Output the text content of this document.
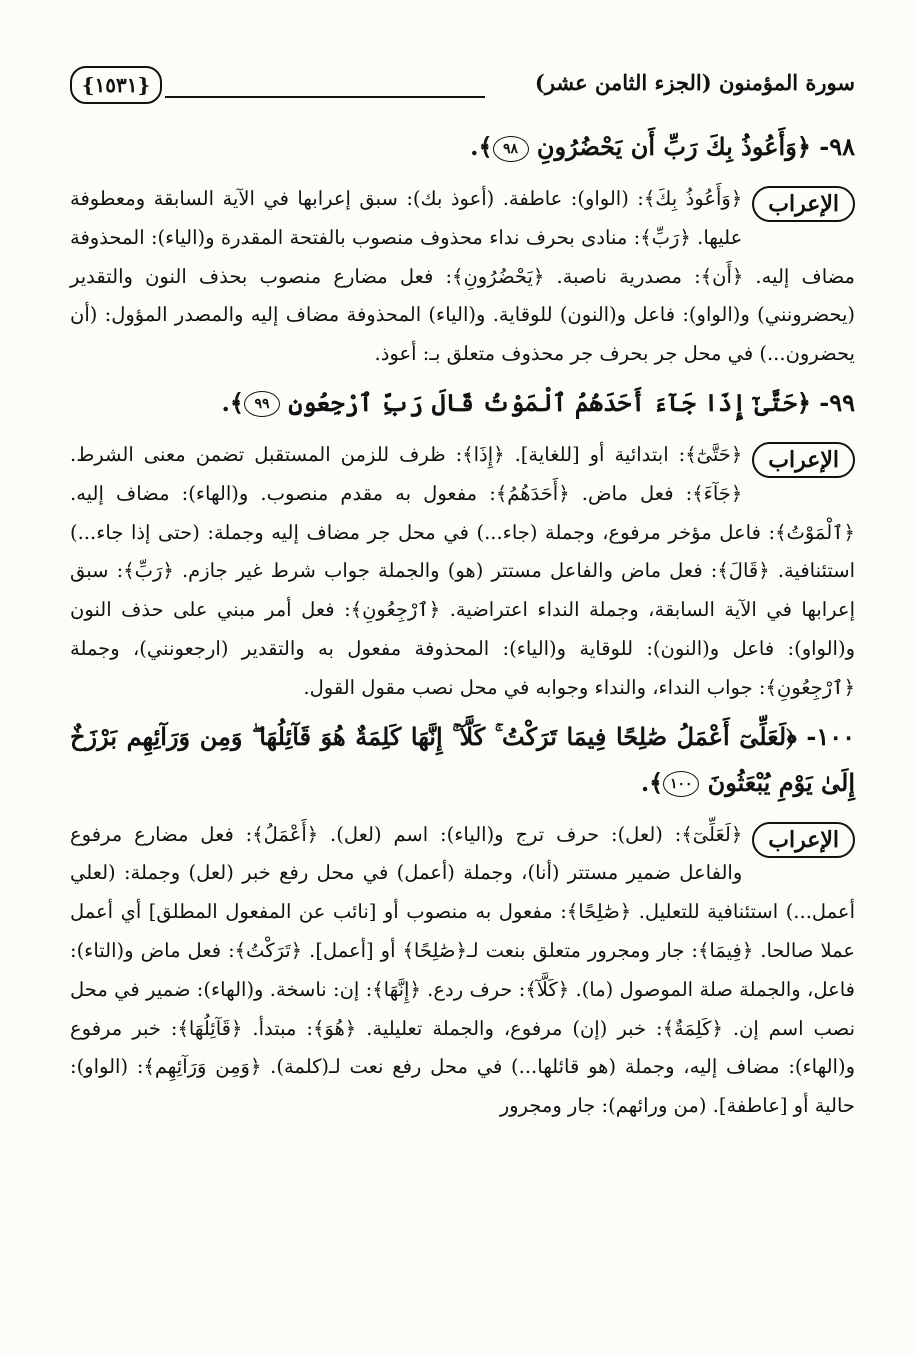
سورة المؤمنون (الجزء الثامن عشر)
{١٥٣١}
٩٨- ﴿وَأَعُوذُ بِكَ رَبِّ أَن يَحْضُرُونِ ٩٨﴾.
الإعراب
﴿وَأَعُوذُ بِكَ﴾: (الواو): عاطفة. (أعوذ بك): سبق إعرابها في الآية السابقة ومعطوفة عليها. ﴿رَبِّ﴾: منادى بحرف نداء محذوف منصوب بالفتحة المقدرة و(الياء): المحذوفة مضاف إليه. ﴿أَن﴾: مصدرية ناصبة. ﴿يَحْضُرُونِ﴾: فعل مضارع منصوب بحذف النون والتقدير (يحضرونني) و(الواو): فاعل و(النون) للوقاية. و(الياء) المحذوفة مضاف إليه والمصدر المؤول: (أن يحضرون...) في محل جر بحرف جر محذوف متعلق بـ: أعوذ.
٩٩- ﴿حَتَّىٰٓ إِذَا جَآءَ أَحَدَهُمُ ٱلْمَوْتُ قَالَ رَبِّ ٱرْجِعُونِ ٩٩﴾.
الإعراب
﴿حَتَّىٰٓ﴾: ابتدائية أو [للغاية]. ﴿إِذَا﴾: ظرف للزمن المستقبل تضمن معنى الشرط. ﴿جَآءَ﴾: فعل ماض. ﴿أَحَدَهُمُ﴾: مفعول به مقدم منصوب. و(الهاء): مضاف إليه. ﴿ٱلْمَوْتُ﴾: فاعل مؤخر مرفوع، وجملة (جاء...) في محل جر مضاف إليه وجملة: (حتى إذا جاء...) استئنافية. ﴿قَالَ﴾: فعل ماض والفاعل مستتر (هو) والجملة جواب شرط غير جازم. ﴿رَبِّ﴾: سبق إعرابها في الآية السابقة، وجملة النداء اعتراضية. ﴿ٱرْجِعُونِ﴾: فعل أمر مبني على حذف النون و(الواو): فاعل و(النون): للوقاية و(الياء): المحذوفة مفعول به والتقدير (ارجعونني)، وجملة ﴿ٱرْجِعُونِ﴾: جواب النداء، والنداء وجوابه في محل نصب مقول القول.
١٠٠- ﴿لَعَلِّىٓ أَعْمَلُ صَٰلِحًا فِيمَا تَرَكْتُ ۚ كَلَّآ ۚ إِنَّهَا كَلِمَةٌ هُوَ قَآئِلُهَا ۖ وَمِن وَرَآئِهِم بَرْزَخٌ إِلَىٰ يَوْمِ يُبْعَثُونَ ١٠٠﴾.
الإعراب
﴿لَعَلِّىٓ﴾: (لعل): حرف ترج و(الياء): اسم (لعل). ﴿أَعْمَلُ﴾: فعل مضارع مرفوع والفاعل ضمير مستتر (أنا)، وجملة (أعمل) في محل رفع خبر (لعل) وجملة: (لعلي أعمل...) استئنافية للتعليل. ﴿صَٰلِحًا﴾: مفعول به منصوب أو [نائب عن المفعول المطلق] أي أعمل عملا صالحا. ﴿فِيمَا﴾: جار ومجرور متعلق بنعت لـ﴿صَٰلِحًا﴾ أو [أعمل]. ﴿تَرَكْتُ﴾: فعل ماض و(التاء): فاعل، والجملة صلة الموصول (ما). ﴿كَلَّآ﴾: حرف ردع. ﴿إِنَّهَا﴾: إن: ناسخة. و(الهاء): ضمير في محل نصب اسم إن. ﴿كَلِمَةٌ﴾: خبر (إن) مرفوع، والجملة تعليلية. ﴿هُوَ﴾: مبتدأ. ﴿قَآئِلُهَا﴾: خبر مرفوع و(الهاء): مضاف إليه، وجملة (هو قائلها...) في محل رفع نعت لـ(كلمة). ﴿وَمِن وَرَآئِهِم﴾: (الواو): حالية أو [عاطفة]. (من ورائهم): جار ومجرور
